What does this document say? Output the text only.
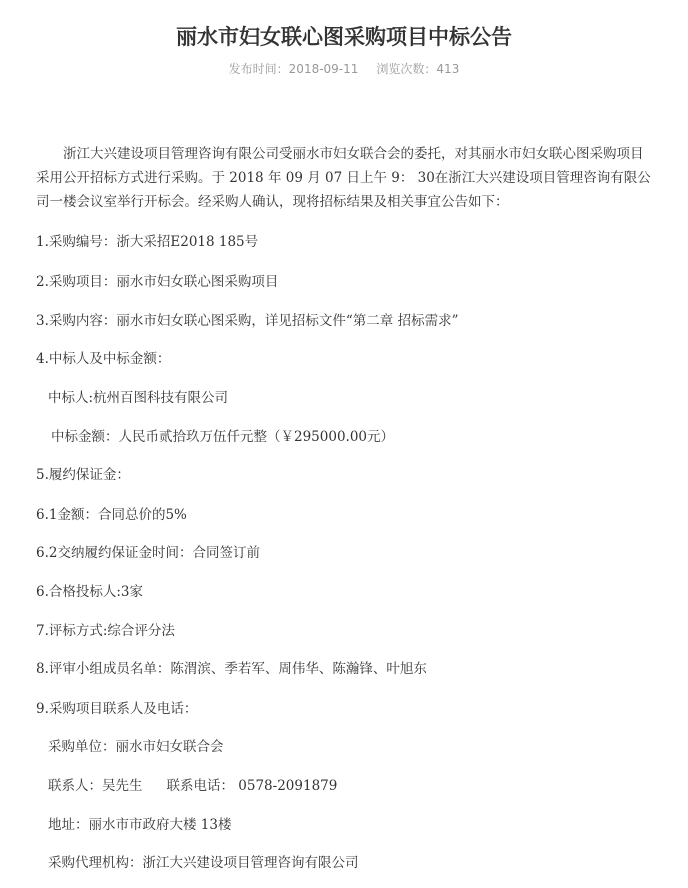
丽水市妇女联心图采购项目中标公告
发布时间：2018-09-11 浏览次数：413

浙江大兴建设项目管理咨询有限公司受丽水市妇女联合会的委托，对其丽水市妇女联心图采购项目采用公开招标方式进行采购。于 2018 年 09 月 07 日上午 9： 30在浙江大兴建设项目管理咨询有限公司一楼会议室举行开标会。经采购人确认，现将招标结果及相关事宜公告如下：

1.采购编号：浙大采招E2018 185号

2.采购项目：丽水市妇女联心图采购项目

3.采购内容：丽水市妇女联心图采购，详见招标文件“第二章 招标需求”

4.中标人及中标金额：

中标人:杭州百图科技有限公司

中标金额：人民币贰拾玖万伍仟元整（￥295000.00元）

5.履约保证金：

6.1金额：合同总价的5%

6.2交纳履约保证金时间：合同签订前

6.合格投标人:3家

7.评标方式:综合评分法

8.评审小组成员名单：陈渭滨、季若军、周伟华、陈瀚锋、叶旭东

9.采购项目联系人及电话：

采购单位：丽水市妇女联合会

联系人：吴先生 联系电话： 0578-2091879

地址：丽水市市政府大楼 13楼

采购代理机构：浙江大兴建设项目管理咨询有限公司
